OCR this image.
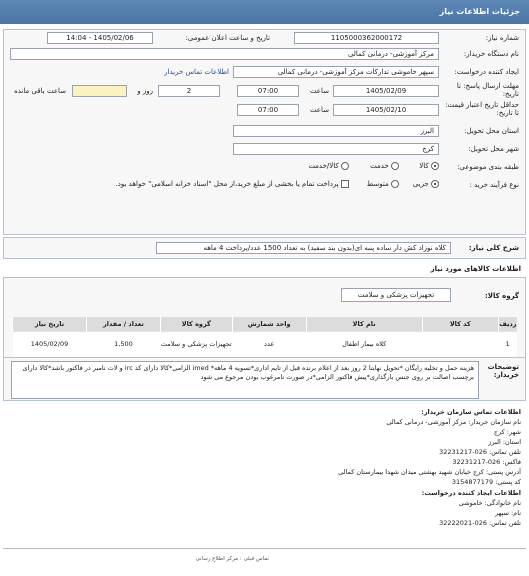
جزئیات اطلاعات نیاز
شماره نیاز:
1105000362000172
تاریخ و ساعت اعلان عمومی:
1405/02/06 - 14:04
نام دستگاه خریدار:
مرکز آموزشی- درمانی کمالی
ایجاد کننده درخواست:
سپهر خاموشی تدارکات مرکز آموزشی- درمانی کمالی
اطلاعات تماس خریدار
مهلت ارسال پاسخ: تا تاریخ:
1405/02/09
ساعت
07:00
2
روز و
ساعت باقی مانده
حداقل تاریخ اعتبار قیمت: تا تاریخ:
1405/02/10
ساعت
07:00
استان محل تحویل:
البرز
شهر محل تحویل:
کرج
طبقه بندی موضوعی:
کالا
خدمت
کالا/خدمت
نوع فرآیند خرید :
جزیی
متوسط
پرداخت تمام یا بخشی از مبلغ خرید،از محل "اسناد خزانه اسلامی" خواهد بود.
شرح کلی نیاز:
کلاه نوزاد کش دار ساده پنبه ای(بدون بند سفید) به تعداد 1500 عدد/پرداخت 4 ماهه
اطلاعات کالاهای مورد نیاز
گروه کالا:
تجهیزات پزشکی و سلامت
ردیف	کد کالا	نام کالا	واحد شمارش	گروه کالا	تعداد / مقدار	تاریخ نیاز
1		کلاه بیمار اطفال	عدد	تجهیزات پزشکی و سلامت	1,500	1405/02/09
توضیحات خریدار:
هزینه حمل و تخلیه رایگان *تحویل نهایتا 2 روز بعد از اعلام برنده قبل از تایم اداری*تسویه 4 ماهه* imed الزامی*کالا دارای کد irc و لات نامبر در فاکتور باشد*کالا دارای برچسب اصالت بر روی جنس بارگذاری*پیش فاکتور الزامی*در صورت نامرغوب بودن مرجوع می شود
اطلاعات تماس سازمان خریدار:
نام سازمان خریدار: مرکز آموزشی- درمانی کمالی
شهر: کرج
استان: البرز
تلفن تماس: 026-32231217
فاکس: 026-32231217
آدرس پستی: کرج خیابان شهید بهشتی میدان شهدا بیمارستان کمالی
کد پستی: 3154877179
اطلاعات ایجاد کننده درخواست:
نام خانوادگی: خاموشی
نام: سپهر
تلفن تماس: 026-32222021
تماس قبلی : مرکز اطلاع رسانی
